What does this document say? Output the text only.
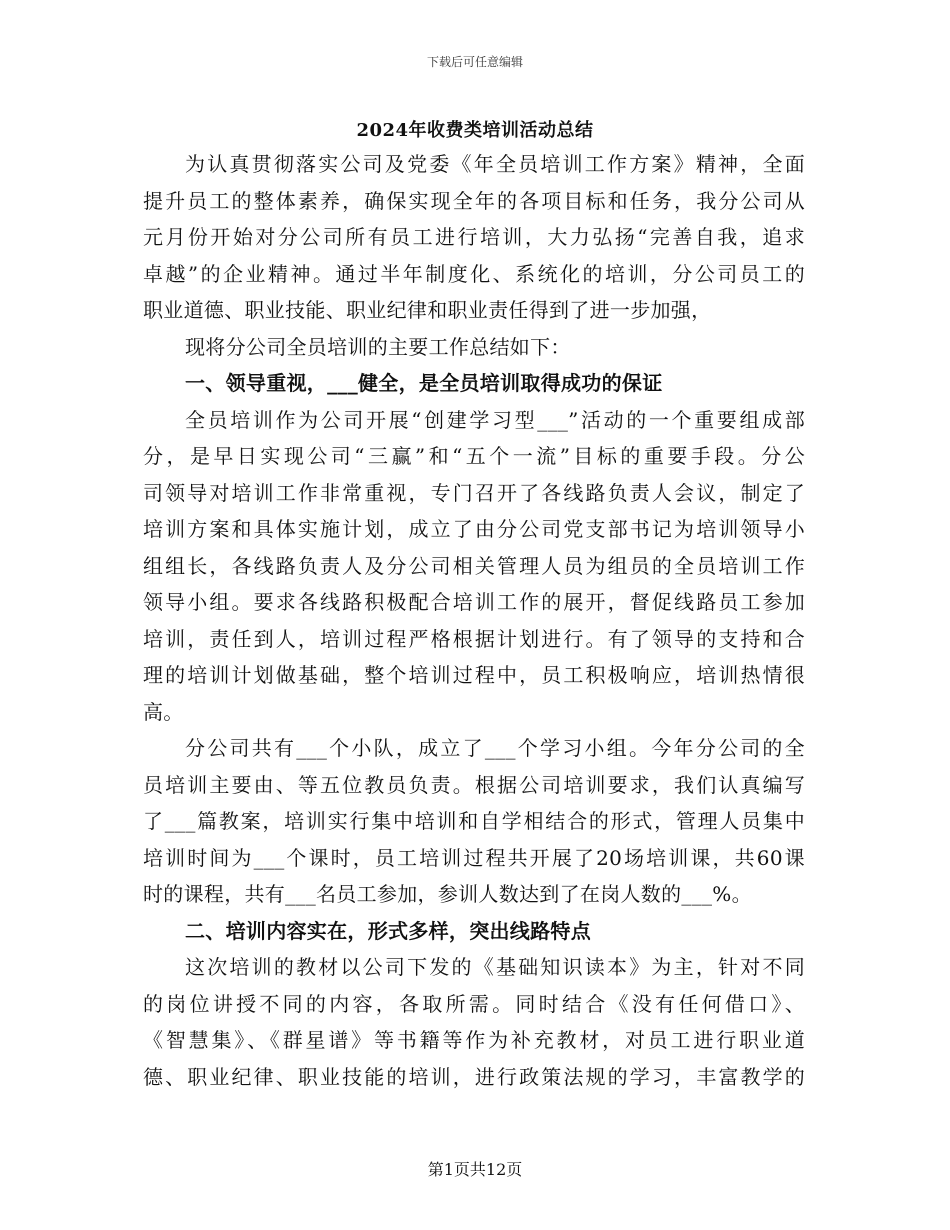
下载后可任意编辑
2024年收费类培训活动总结
为认真贯彻落实公司及党委《年全员培训工作方案》精神，全面
提升员工的整体素养，确保实现全年的各项目标和任务，我分公司从
元月份开始对分公司所有员工进行培训，大力弘扬“完善自我，追求
卓越”的企业精神。通过半年制度化、系统化的培训，分公司员工的
职业道德、职业技能、职业纪律和职业责任得到了进一步加强，
现将分公司全员培训的主要工作总结如下：
一、领导重视，___健全，是全员培训取得成功的保证
全员培训作为公司开展“创建学习型___”活动的一个重要组成部
分，是早日实现公司“三赢”和“五个一流”目标的重要手段。分公
司领导对培训工作非常重视，专门召开了各线路负责人会议，制定了
培训方案和具体实施计划，成立了由分公司党支部书记为培训领导小
组组长，各线路负责人及分公司相关管理人员为组员的全员培训工作
领导小组。要求各线路积极配合培训工作的展开，督促线路员工参加
培训，责任到人，培训过程严格根据计划进行。有了领导的支持和合
理的培训计划做基础，整个培训过程中，员工积极响应，培训热情很
高。
分公司共有___个小队，成立了___个学习小组。今年分公司的全
员培训主要由、等五位教员负责。根据公司培训要求，我们认真编写
了___篇教案，培训实行集中培训和自学相结合的形式，管理人员集中
培训时间为___个课时，员工培训过程共开展了20场培训课，共60课
时的课程，共有___名员工参加，参训人数达到了在岗人数的___%。
二、培训内容实在，形式多样，突出线路特点
这次培训的教材以公司下发的《基础知识读本》为主，针对不同
的岗位讲授不同的内容，各取所需。同时结合《没有任何借口》、
《智慧集》、《群星谱》等书籍等作为补充教材，对员工进行职业道
德、职业纪律、职业技能的培训，进行政策法规的学习，丰富教学的
第1页共12页
